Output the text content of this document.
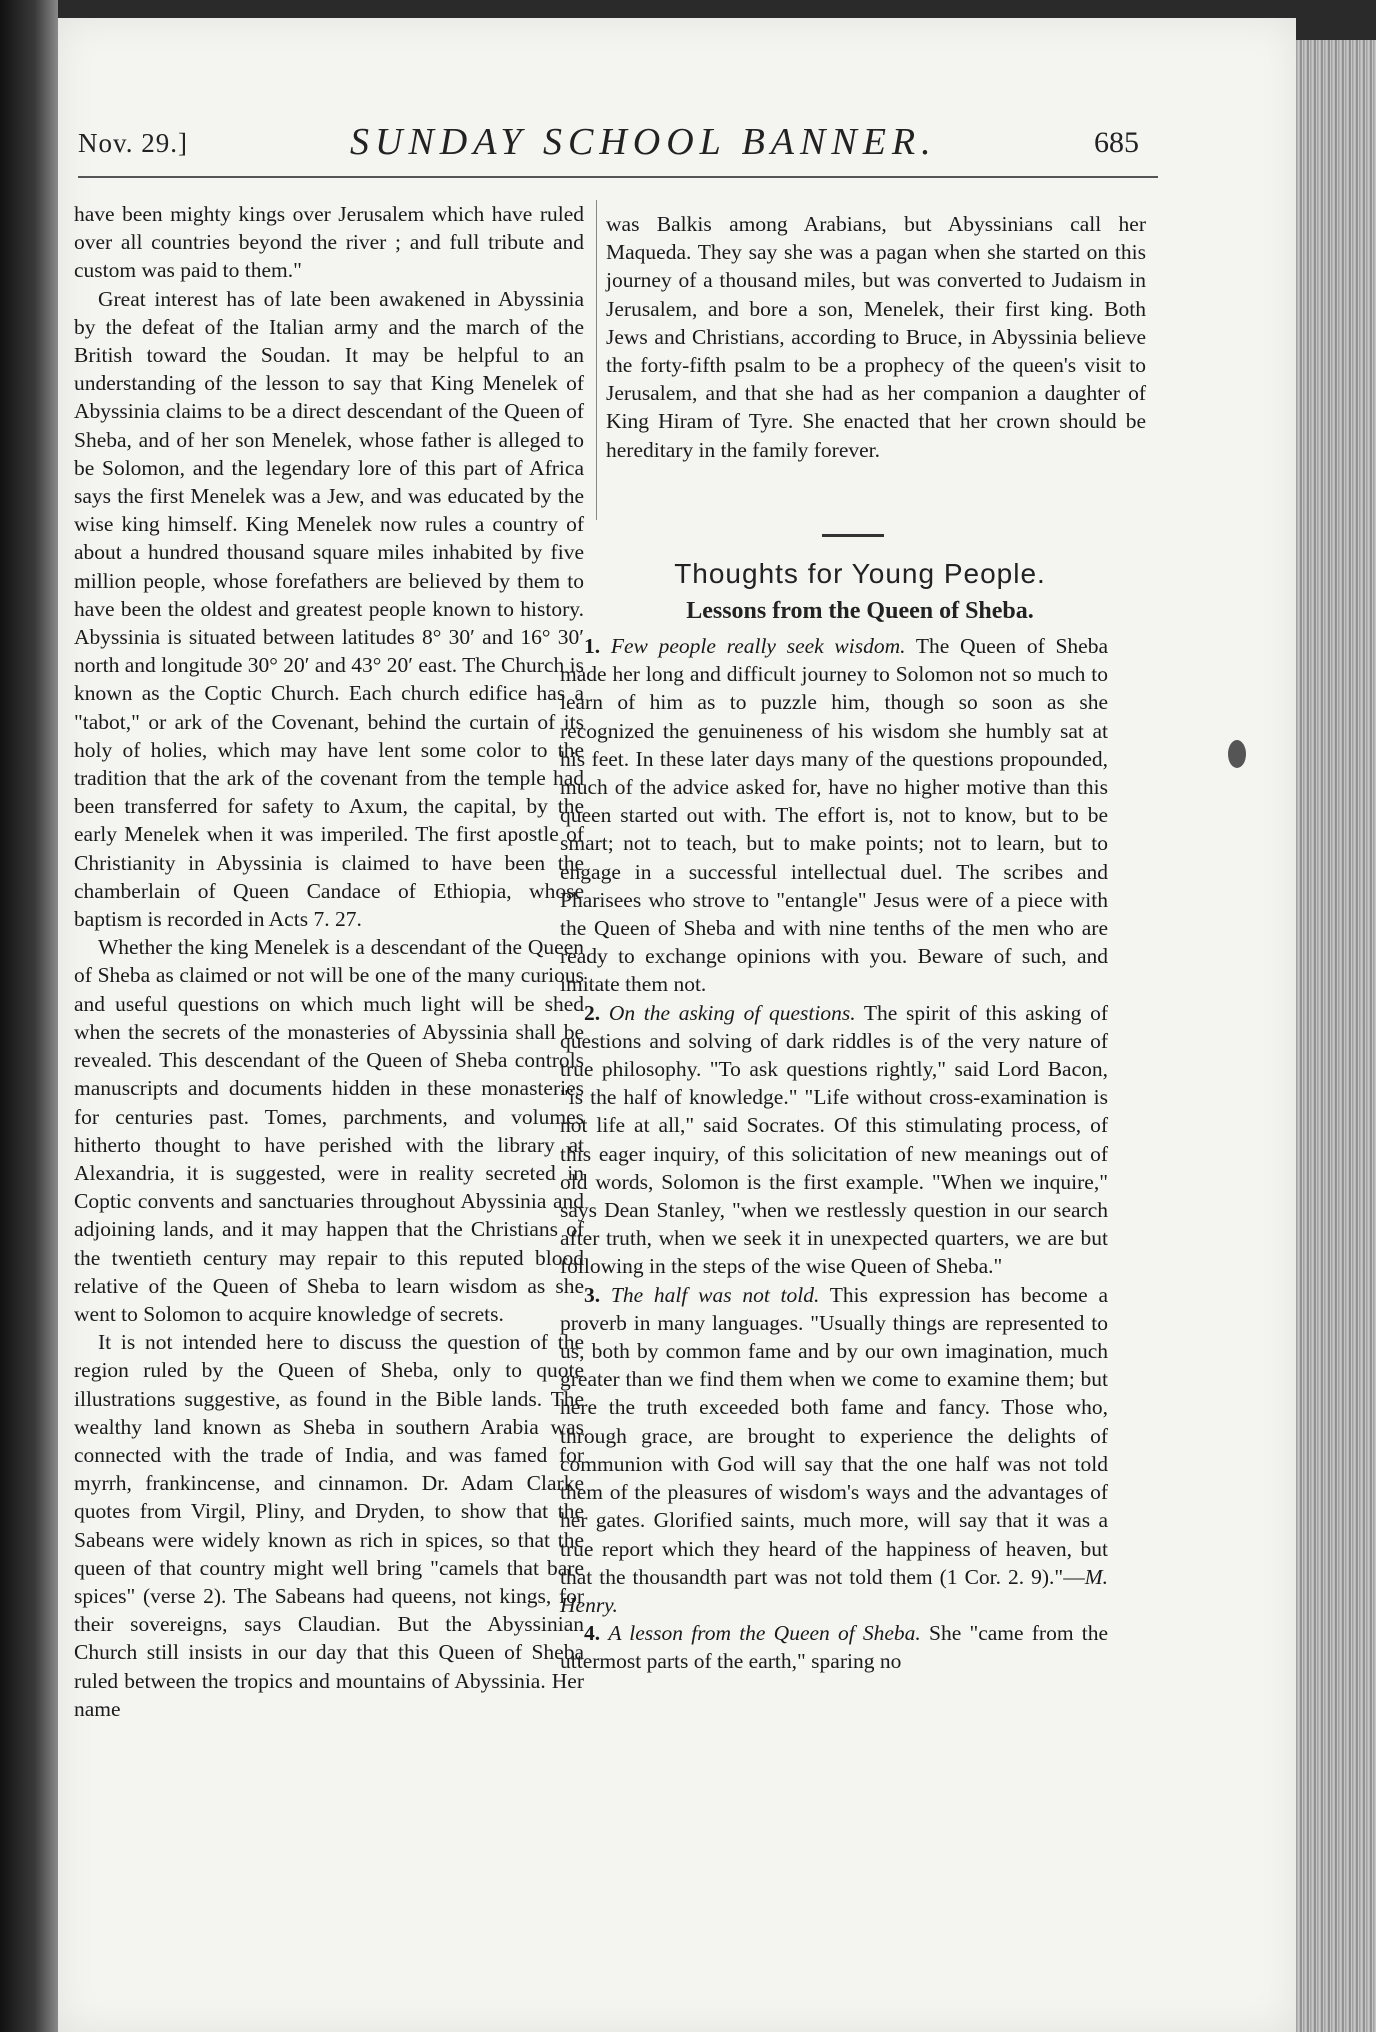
Nov. 29.]	SUNDAY SCHOOL BANNER.	685

have been mighty kings over Jerusalem which have ruled over all countries beyond the river ; and full tribute and custom was paid to them."

Great interest has of late been awakened in Abyssinia by the defeat of the Italian army and the march of the British toward the Soudan. It may be helpful to an understanding of the lesson to say that King Menelek of Abyssinia claims to be a direct descendant of the Queen of Sheba, and of her son Menelek, whose father is alleged to be Solomon, and the legendary lore of this part of Africa says the first Menelek was a Jew, and was educated by the wise king himself. King Menelek now rules a country of about a hundred thousand square miles inhabited by five million people, whose forefathers are believed by them to have been the oldest and greatest people known to history. Abyssinia is situated between latitudes 8° 30′ and 16° 30′ north and longitude 30° 20′ and 43° 20′ east. The Church is known as the Coptic Church. Each church edifice has a "tabot," or ark of the Covenant, behind the curtain of its holy of holies, which may have lent some color to the tradition that the ark of the covenant from the temple had been transferred for safety to Axum, the capital, by the early Menelek when it was imperiled. The first apostle of Christianity in Abyssinia is claimed to have been the chamberlain of Queen Candace of Ethiopia, whose baptism is recorded in Acts 7. 27.

Whether the king Menelek is a descendant of the Queen of Sheba as claimed or not will be one of the many curious and useful questions on which much light will be shed when the secrets of the monasteries of Abyssinia shall be revealed. This descendant of the Queen of Sheba controls manuscripts and documents hidden in these monasteries for centuries past. Tomes, parchments, and volumes hitherto thought to have perished with the library at Alexandria, it is suggested, were in reality secreted in Coptic convents and sanctuaries throughout Abyssinia and adjoining lands, and it may happen that the Christians of the twentieth century may repair to this reputed blood relative of the Queen of Sheba to learn wisdom as she went to Solomon to acquire knowledge of secrets.

It is not intended here to discuss the question of the region ruled by the Queen of Sheba, only to quote illustrations suggestive, as found in the Bible lands. The wealthy land known as Sheba in southern Arabia was connected with the trade of India, and was famed for myrrh, frankincense, and cinnamon. Dr. Adam Clarke quotes from Virgil, Pliny, and Dryden, to show that the Sabeans were widely known as rich in spices, so that the queen of that country might well bring "camels that bare spices" (verse 2). The Sabeans had queens, not kings, for their sovereigns, says Claudian. But the Abyssinian Church still insists in our day that this Queen of Sheba ruled between the tropics and mountains of Abyssinia. Her name

was Balkis among Arabians, but Abyssinians call her Maqueda. They say she was a pagan when she started on this journey of a thousand miles, but was converted to Judaism in Jerusalem, and bore a son, Menelek, their first king. Both Jews and Christians, according to Bruce, in Abyssinia believe the forty-fifth psalm to be a prophecy of the queen's visit to Jerusalem, and that she had as her companion a daughter of King Hiram of Tyre. She enacted that her crown should be hereditary in the family forever.

Thoughts for Young People.
Lessons from the Queen of Sheba.

1. Few people really seek wisdom. The Queen of Sheba made her long and difficult journey to Solomon not so much to learn of him as to puzzle him, though so soon as she recognized the genuineness of his wisdom she humbly sat at his feet. In these later days many of the questions propounded, much of the advice asked for, have no higher motive than this queen started out with. The effort is, not to know, but to be smart; not to teach, but to make points; not to learn, but to engage in a successful intellectual duel. The scribes and Pharisees who strove to "entangle" Jesus were of a piece with the Queen of Sheba and with nine tenths of the men who are ready to exchange opinions with you. Beware of such, and imitate them not.

2. On the asking of questions. The spirit of this asking of questions and solving of dark riddles is of the very nature of true philosophy. "To ask questions rightly," said Lord Bacon, "is the half of knowledge." "Life without cross-examination is not life at all," said Socrates. Of this stimulating process, of this eager inquiry, of this solicitation of new meanings out of old words, Solomon is the first example. "When we inquire," says Dean Stanley, "when we restlessly question in our search after truth, when we seek it in unexpected quarters, we are but following in the steps of the wise Queen of Sheba."

3. The half was not told. This expression has become a proverb in many languages. "Usually things are represented to us, both by common fame and by our own imagination, much greater than we find them when we come to examine them; but here the truth exceeded both fame and fancy. Those who, through grace, are brought to experience the delights of communion with God will say that the one half was not told them of the pleasures of wisdom's ways and the advantages of her gates. Glorified saints, much more, will say that it was a true report which they heard of the happiness of heaven, but that the thousandth part was not told them (1 Cor. 2. 9)."—M. Henry.

4. A lesson from the Queen of Sheba. She "came from the uttermost parts of the earth," sparing no
